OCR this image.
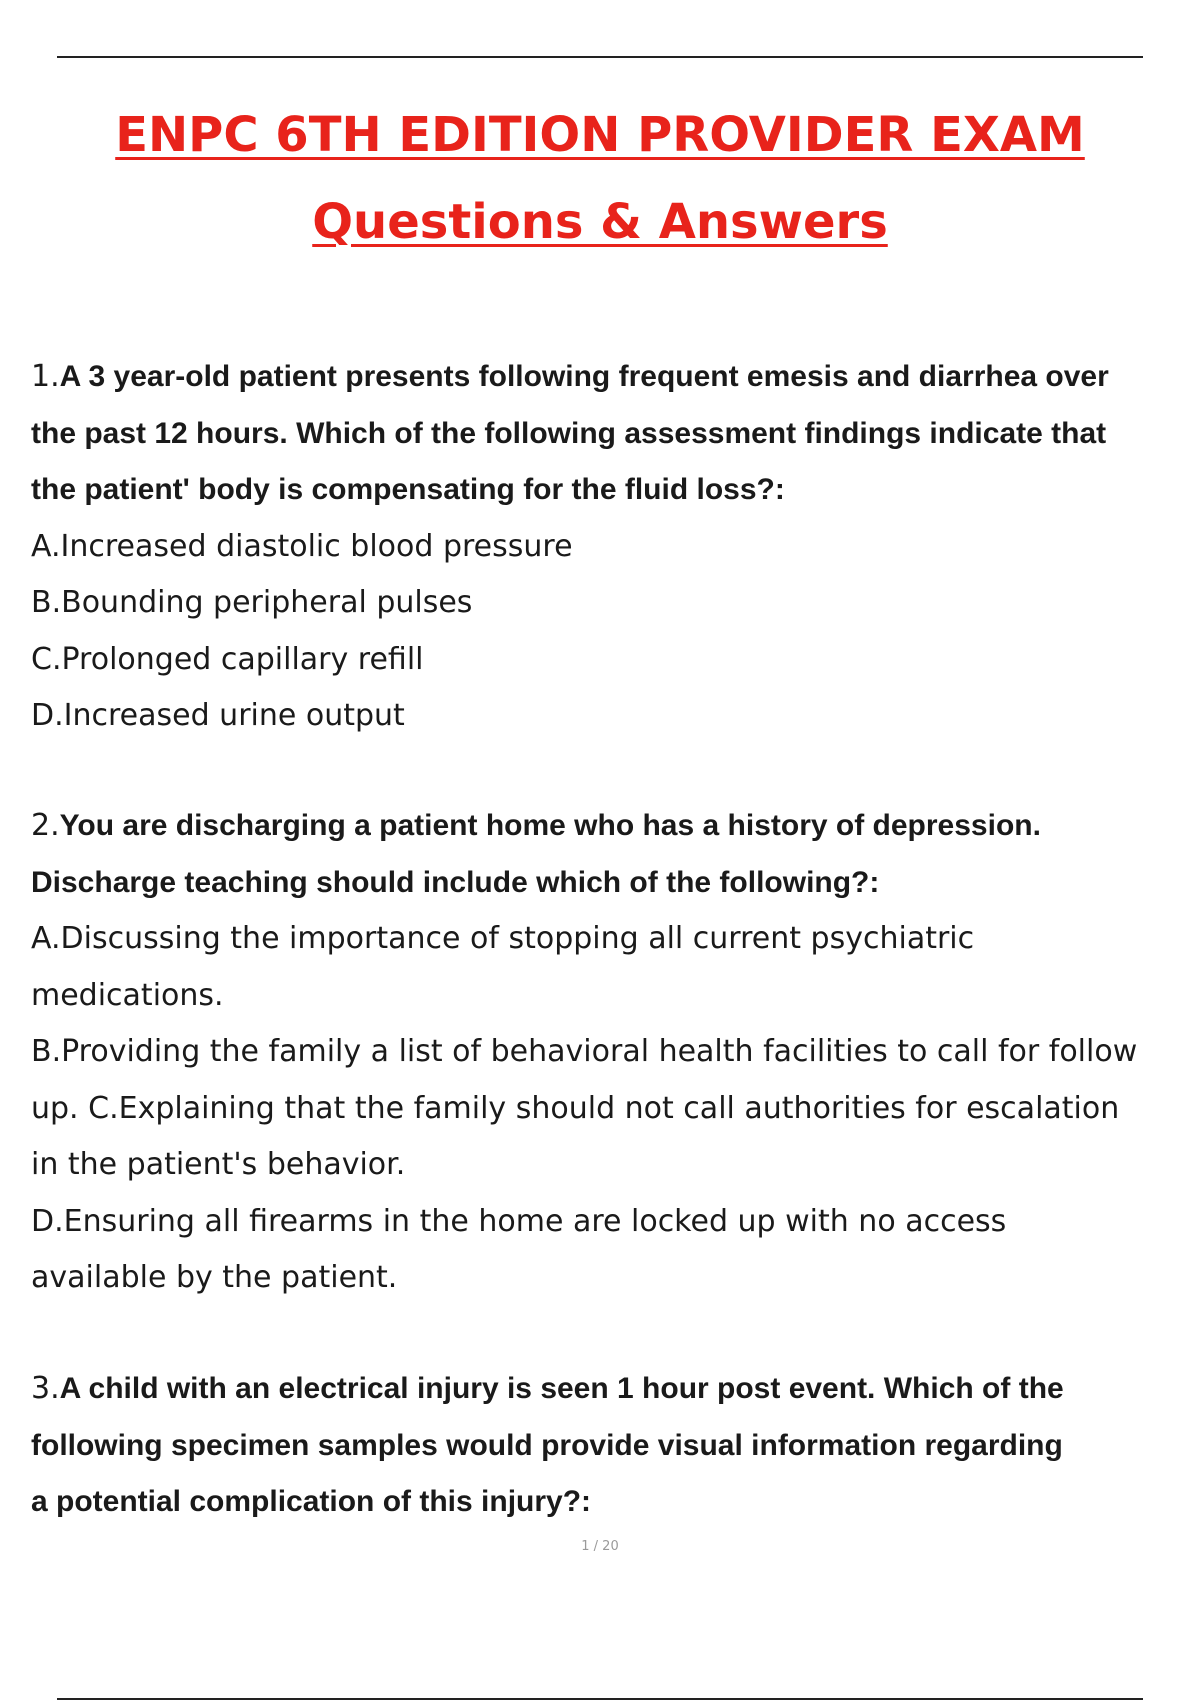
ENPC 6TH EDITION PROVIDER EXAM
Questions & Answers
1.A 3 year-old patient presents following frequent emesis and diarrhea over
the past 12 hours. Which of the following assessment findings indicate that
the patient' body is compensating for the fluid loss?:
A.Increased diastolic blood pressure
B.Bounding peripheral pulses
C.Prolonged capillary refill
D.Increased urine output
2.You are discharging a patient home who has a history of depression.
Discharge teaching should include which of the following?:
A.Discussing the importance of stopping all current psychiatric
medications.
B.Providing the family a list of behavioral health facilities to call for follow
up. C.Explaining that the family should not call authorities for escalation
in the patient's behavior.
D.Ensuring all firearms in the home are locked up with no access
available by the patient.
3.A child with an electrical injury is seen 1 hour post event. Which of the
following specimen samples would provide visual information regarding
a potential complication of this injury?:
1 / 20
